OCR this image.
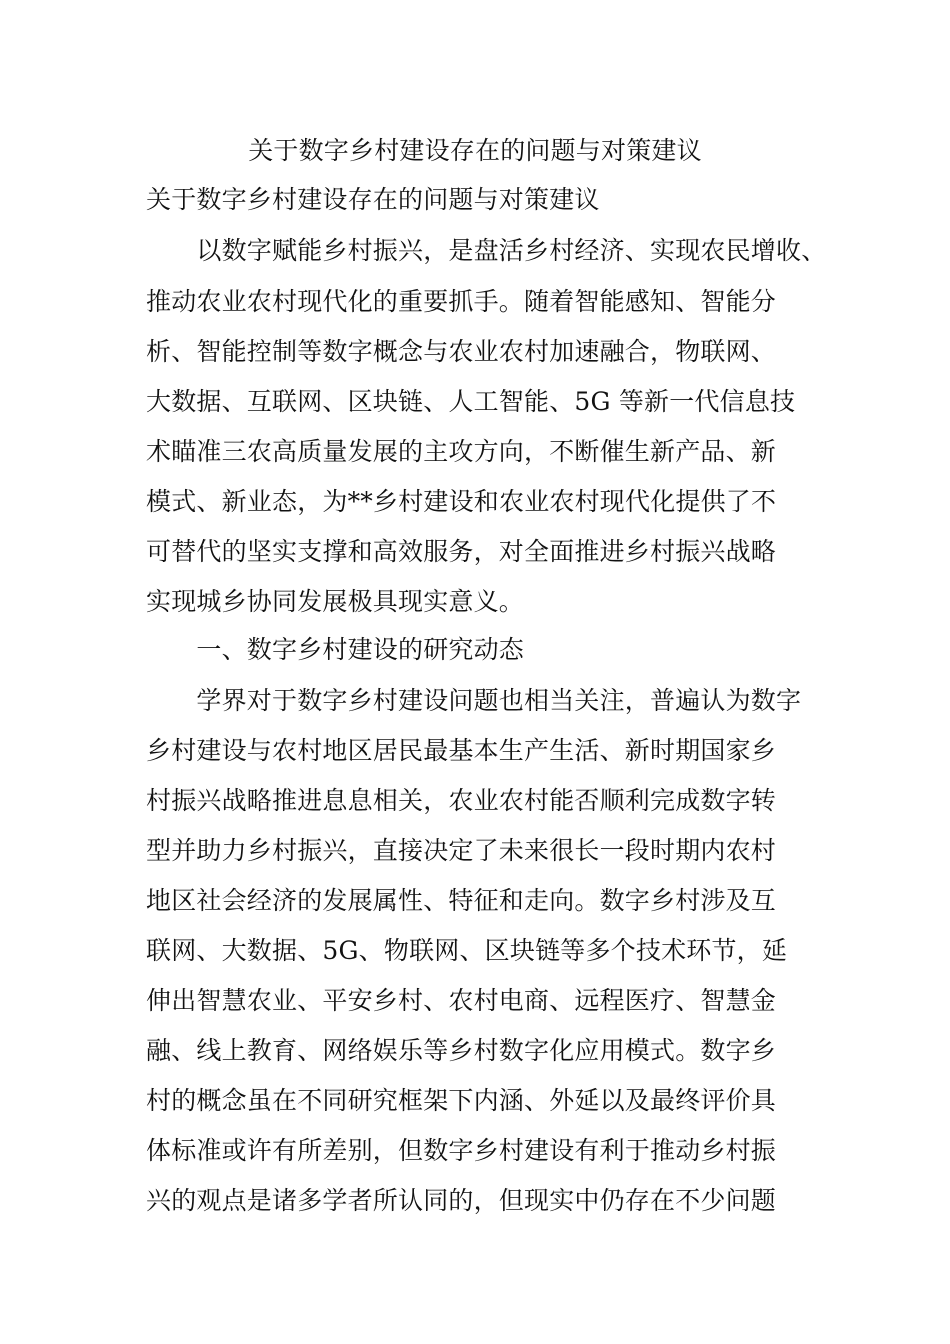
关于数字乡村建设存在的问题与对策建议
关于数字乡村建设存在的问题与对策建议
　　以数字赋能乡村振兴，是盘活乡村经济、实现农民增收、
推动农业农村现代化的重要抓手。随着智能感知、智能分
析、智能控制等数字概念与农业农村加速融合，物联网、
大数据、互联网、区块链、人工智能、5G 等新一代信息技
术瞄准三农高质量发展的主攻方向，不断催生新产品、新
模式、新业态，为**乡村建设和农业农村现代化提供了不
可替代的坚实支撑和高效服务，对全面推进乡村振兴战略
实现城乡协同发展极具现实意义。
　　一、数字乡村建设的研究动态
　　学界对于数字乡村建设问题也相当关注，普遍认为数字
乡村建设与农村地区居民最基本生产生活、新时期国家乡
村振兴战略推进息息相关，农业农村能否顺利完成数字转
型并助力乡村振兴，直接决定了未来很长一段时期内农村
地区社会经济的发展属性、特征和走向。数字乡村涉及互
联网、大数据、5G、物联网、区块链等多个技术环节，延
伸出智慧农业、平安乡村、农村电商、远程医疗、智慧金
融、线上教育、网络娱乐等乡村数字化应用模式。数字乡
村的概念虽在不同研究框架下内涵、外延以及最终评价具
体标准或许有所差别，但数字乡村建设有利于推动乡村振
兴的观点是诸多学者所认同的，但现实中仍存在不少问题
